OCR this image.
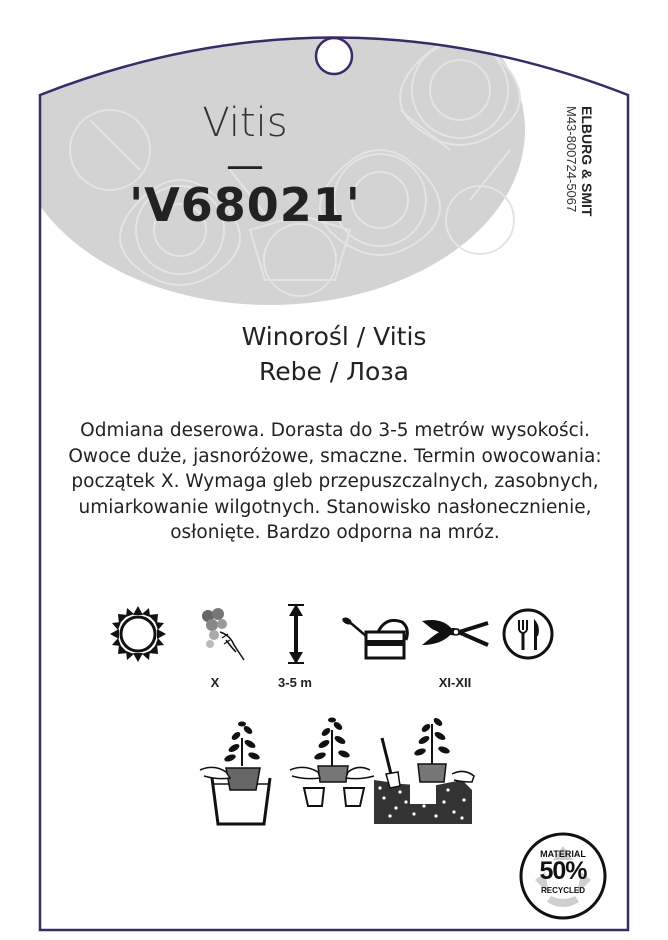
Vitis
—
'V68021'	ELBURG & SMIT
M43-800724-5067
Winorośl / Vitis
Rebe / Лоза
Odmiana deserowa. Dorasta do 3-5 metrów wysokości. Owoce duże, jasnoróżowe, smaczne. Termin owocowania: początek X. Wymaga gleb przepuszczalnych, zasobnych, umiarkowanie wilgotnych. Stanowisko nasłonecznienie, osłonięte. Bardzo odporna na mróz.
X	3-5 m	XI-XII
MATERIAL
50%
RECYCLED
